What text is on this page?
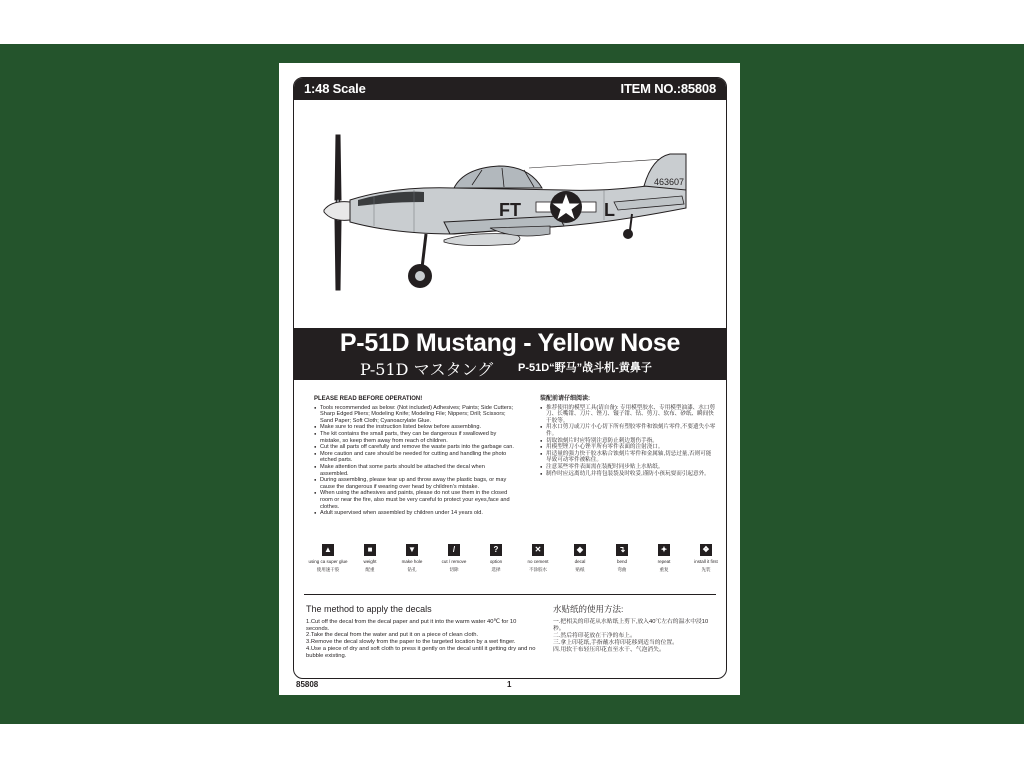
1:48 Scale	ITEM NO.:85808
FT	L
463607
P-51D Mustang - Yellow Nose
P-51D マスタング P-51D“野马”战斗机-黄鼻子
PLEASE READ BEFORE OPERATION!
● Tools recommended as below: (Not included) Adhesives; Paints; Side Cutters; Sharp Edged Pliers; Modeling Knife; Modeling File; Nippers; Drill; Scissors; Sand Paper; Soft Cloth; Cyanoacrylate Glue.
● Make sure to read the instruction listed below before assembling.
● The kit contains the small parts, they can be dangerous if swallowed by mistake, so keep them away from reach of children.
● Cut the all parts off carefully and remove the waste parts into the garbage can.
● More caution and care should be needed for cutting and handling the photo etched parts.
● Make attention that some parts should be attached the decal when assembled.
● During assembling, please tear up and throw away the plastic bags, or may cause the dangerous if wearing over head by children's mistake.
● When using the adhesives and paints, please do not use them in the closed room or near the fire, also must be very careful to protect your eyes,face and clothes.
● Adult supervised when assembled by children under 14 years old.
装配前请仔细阅读:
● 推荐使用的模型工具(请自备): 专用模型胶水、专用模型油漆、水口剪刀、长嘴钳、刀片、锉刀、镊子钳、钻、剪刀、软布、砂纸、瞬间快干胶等。
● 用水口剪刀或刀片小心切下所有塑胶零件和蚀刻片零件,不要遗失小零件。
● 切取蚀刻片时应特别注意防止刺边划伤手指。
● 用模型锉刀小心锉平所有零件表面的注射浇口。
● 用适量的强力快干胶水粘合蚀刻片零件和金属轴,切忌过量,否则可能导致可动零件被粘住。
● 注意某些零件表面需在装配时同步贴上水贴纸。
● 制作时应远离幼儿并将包装袋及时收妥,谨防小孩玩耍而引起意外。
▲
using ca super glue
使用速干胶
■
weight
配重
▼
make hole
钻孔
/
cut / remove
切除
?
option
选择
✕
no cement
不涂胶水
◆
decal
贴纸
↴
bend
弯曲
✦
repeat
重复
❖
install it first
先装
The method to apply the decals
1.Cut off the decal from the decal paper and put it into the warm water 40℃ for 10 seconds.
2.Take the decal from the water and put it on a piece of clean cloth.
3.Remove the decal slowly from the paper to the targeted location by a wet finger.
4.Use a piece of dry and soft cloth to press it gently on the decal until it getting dry and no bubble existing.
水贴纸的使用方法:
一.把相关的印花从水贴纸上剪下,放入40℃左右的温水中浸10秒。
二.然后将印花放在干净的布上。
三.拿上印花纸,手指蘸水将印花移到适当的位置。
四.用软干布轻压印花直至水干、气泡消失。
85808	1
